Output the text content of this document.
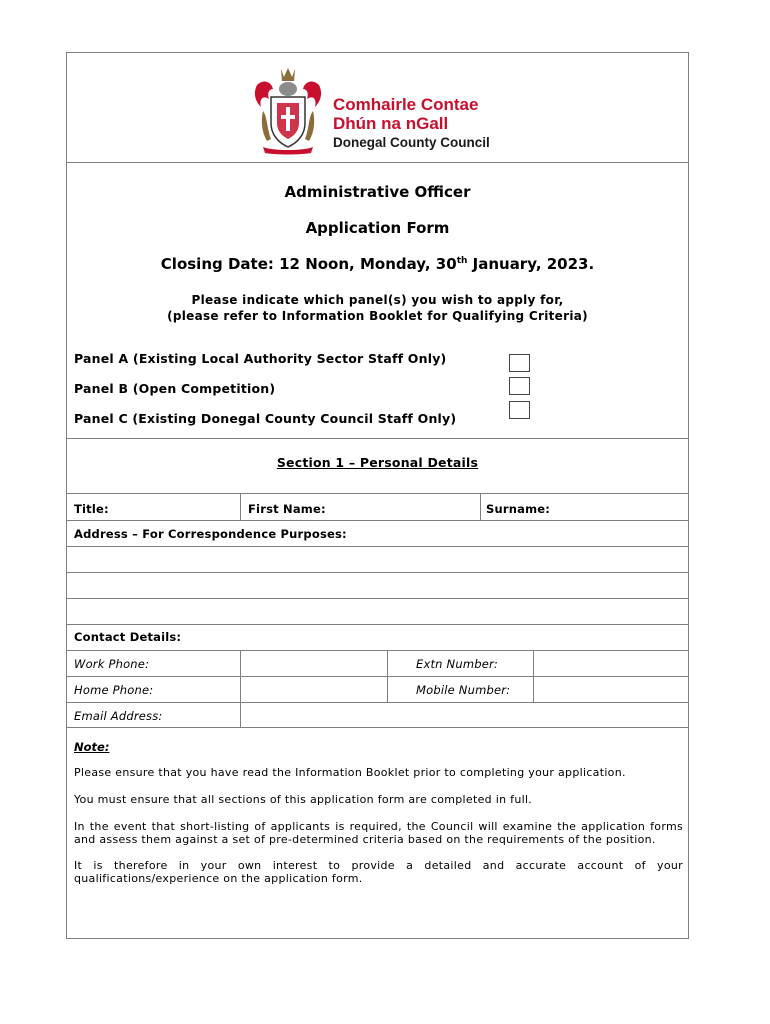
Comhairle Contae
Dhún na nGall
Donegal County Council
Administrative Officer
Application Form
Closing Date: 12 Noon, Monday, 30th January, 2023.
Please indicate which panel(s) you wish to apply for,
(please refer to Information Booklet for Qualifying Criteria)
Panel A (Existing Local Authority Sector Staff Only)
Panel B (Open Competition)
Panel C (Existing Donegal County Council Staff Only)
Section 1 – Personal Details
Title:	First Name:	Surname:
Address – For Correspondence Purposes:
Contact Details:
Work Phone:	Extn Number:
Home Phone:	Mobile Number:
Email Address:
Note:
Please ensure that you have read the Information Booklet prior to completing your application.
You must ensure that all sections of this application form are completed in full.
In the event that short-listing of applicants is required, the Council will examine the application forms and assess them against a set of pre-determined criteria based on the requirements of the position.
It is therefore in your own interest to provide a detailed and accurate account of your qualifications/experience on the application form.
